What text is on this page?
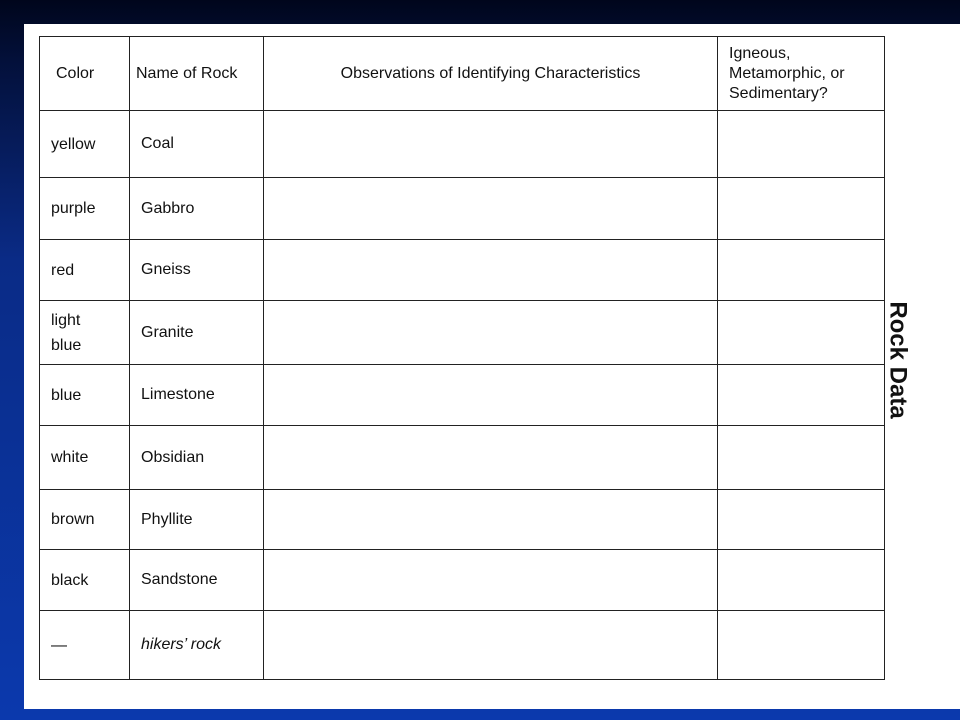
Color	Name of Rock	Observations of Identifying Characteristics	Igneous, Metamorphic, or Sedimentary?
yellow	Coal		
purple	Gabbro		
red	Gneiss		

light blue	Granite		
blue	Limestone		
white	Obsidian		
brown	Phyllite		
black	Sandstone		
—	hikers’ rock		
Rock Data
